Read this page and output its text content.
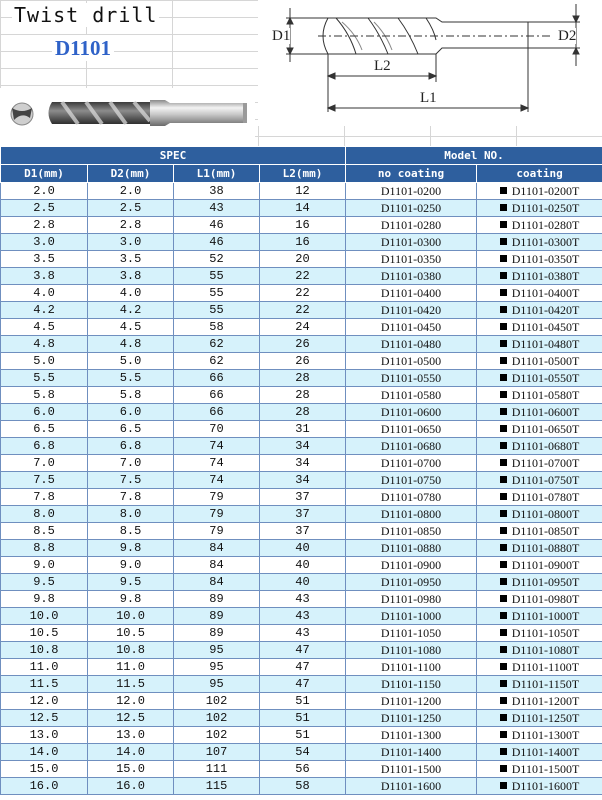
Twist drill
D1101	D1	D2
L2
L1
SPEC				Model NO.	
D1(mm)	D2(mm)	L1(mm)	L2(mm)	no coating	coating
2.0	2.0	38	12	D1101-0200	D1101-0200T
2.5	2.5	43	14	D1101-0250	D1101-0250T
2.8	2.8	46	16	D1101-0280	D1101-0280T
3.0	3.0	46	16	D1101-0300	D1101-0300T
3.5	3.5	52	20	D1101-0350	D1101-0350T
3.8	3.8	55	22	D1101-0380	D1101-0380T
4.0	4.0	55	22	D1101-0400	D1101-0400T
4.2	4.2	55	22	D1101-0420	D1101-0420T
4.5	4.5	58	24	D1101-0450	D1101-0450T
4.8	4.8	62	26	D1101-0480	D1101-0480T
5.0	5.0	62	26	D1101-0500	D1101-0500T
5.5	5.5	66	28	D1101-0550	D1101-0550T
5.8	5.8	66	28	D1101-0580	D1101-0580T
6.0	6.0	66	28	D1101-0600	D1101-0600T
6.5	6.5	70	31	D1101-0650	D1101-0650T
6.8	6.8	74	34	D1101-0680	D1101-0680T
7.0	7.0	74	34	D1101-0700	D1101-0700T
7.5	7.5	74	34	D1101-0750	D1101-0750T
7.8	7.8	79	37	D1101-0780	D1101-0780T
8.0	8.0	79	37	D1101-0800	D1101-0800T
8.5	8.5	79	37	D1101-0850	D1101-0850T
8.8	9.8	84	40	D1101-0880	D1101-0880T
9.0	9.0	84	40	D1101-0900	D1101-0900T
9.5	9.5	84	40	D1101-0950	D1101-0950T
9.8	9.8	89	43	D1101-0980	D1101-0980T
10.0	10.0	89	43	D1101-1000	D1101-1000T
10.5	10.5	89	43	D1101-1050	D1101-1050T
10.8	10.8	95	47	D1101-1080	D1101-1080T
11.0	11.0	95	47	D1101-1100	D1101-1100T
11.5	11.5	95	47	D1101-1150	D1101-1150T
12.0	12.0	102	51	D1101-1200	D1101-1200T
12.5	12.5	102	51	D1101-1250	D1101-1250T
13.0	13.0	102	51	D1101-1300	D1101-1300T
14.0	14.0	107	54	D1101-1400	D1101-1400T
15.0	15.0	111	56	D1101-1500	D1101-1500T
16.0	16.0	115	58	D1101-1600	D1101-1600T
